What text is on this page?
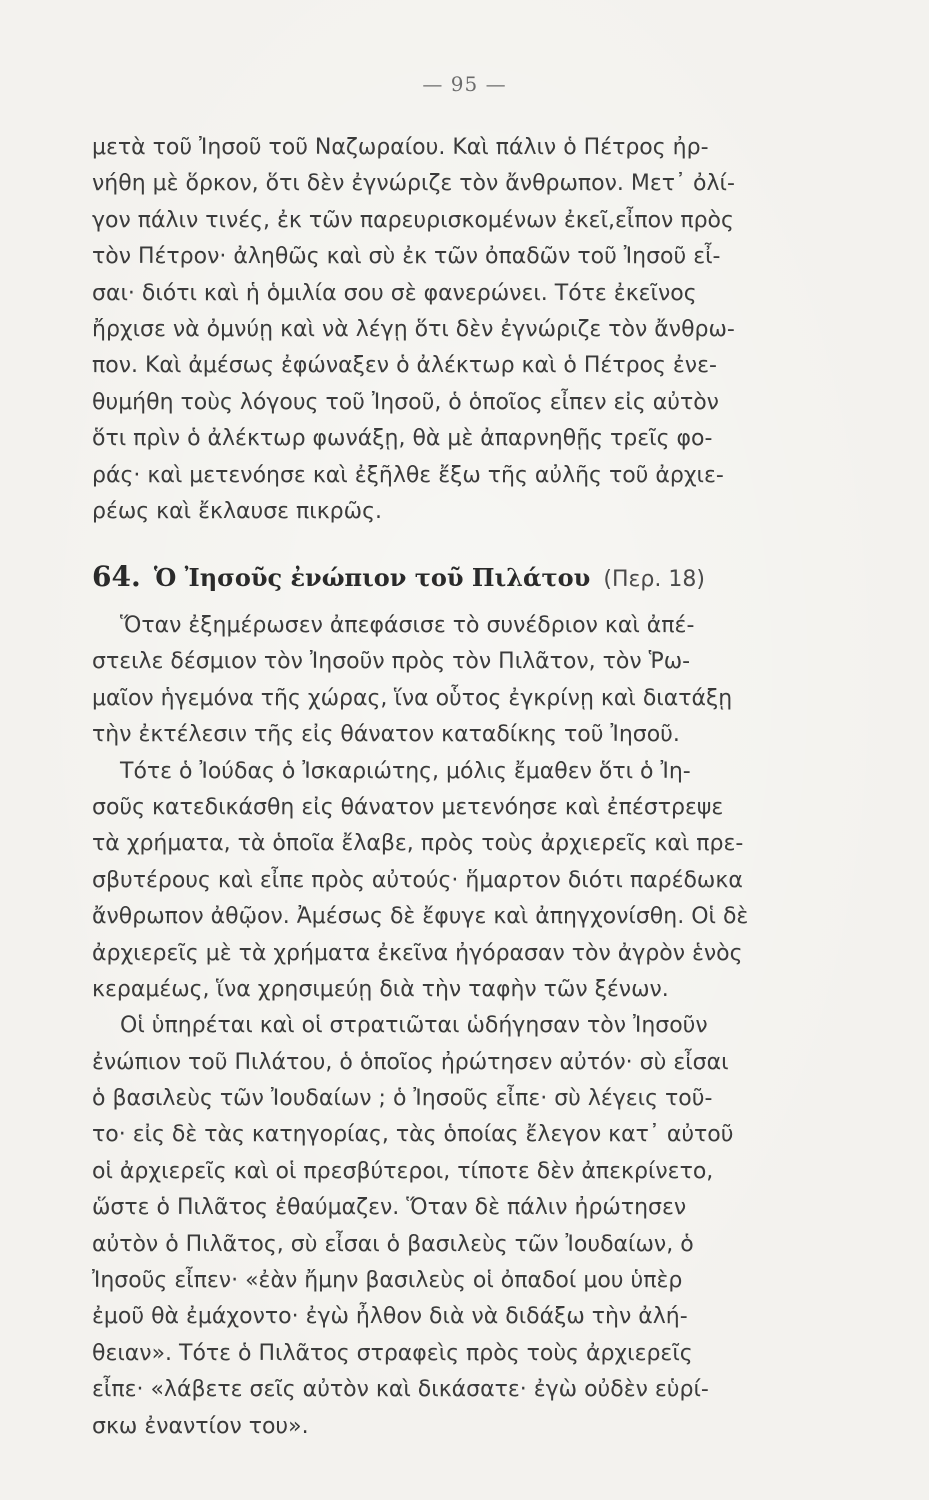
— 95 —
μετὰ τοῦ Ἰησοῦ τοῦ Ναζωραίου. Καὶ πάλιν ὁ Πέτρος ἠρ-
νήθη μὲ ὅρκον, ὅτι δὲν ἐγνώριζε τὸν ἄνθρωπον. Μετ᾿ ὀλί-
γον πάλιν τινές, ἐκ τῶν παρευρισκομένων ἐκεῖ,εἶπον πρὸς
τὸν Πέτρον· ἀληθῶς καὶ σὺ ἐκ τῶν ὀπαδῶν τοῦ Ἰησοῦ εἶ-
σαι· διότι καὶ ἡ ὁμιλία σου σὲ φανερώνει. Τότε ἐκεῖνος
ἤρχισε νὰ ὀμνύῃ καὶ νὰ λέγῃ ὅτι δὲν ἐγνώριζε τὸν ἄνθρω-
πον. Καὶ ἀμέσως ἐφώναξεν ὁ ἀλέκτωρ καὶ ὁ Πέτρος ἐνε-
θυμήθη τοὺς λόγους τοῦ Ἰησοῦ, ὁ ὁποῖος εἶπεν εἰς αὐτὸν
ὅτι πρὶν ὁ ἀλέκτωρ φωνάξῃ, θὰ μὲ ἀπαρνηθῇς τρεῖς φο-
ράς· καὶ μετενόησε καὶ ἐξῆλθε ἔξω τῆς αὐλῆς τοῦ ἀρχιε-
ρέως καὶ ἔκλαυσε πικρῶς.
64. Ὁ Ἰησοῦς ἐνώπιον τοῦ Πιλάτου (Περ. 18)
Ὅταν ἐξημέρωσεν ἀπεφάσισε τὸ συνέδριον καὶ ἀπέ-
στειλε δέσμιον τὸν Ἰησοῦν πρὸς τὸν Πιλᾶτον, τὸν Ῥω-
μαῖον ἡγεμόνα τῆς χώρας, ἵνα οὗτος ἐγκρίνῃ καὶ διατάξῃ
τὴν ἐκτέλεσιν τῆς εἰς θάνατον καταδίκης τοῦ Ἰησοῦ.
Τότε ὁ Ἰούδας ὁ Ἰσκαριώτης, μόλις ἔμαθεν ὅτι ὁ Ἰη-
σοῦς κατεδικάσθη εἰς θάνατον μετενόησε καὶ ἐπέστρεψε
τὰ χρήματα, τὰ ὁποῖα ἔλαβε, πρὸς τοὺς ἀρχιερεῖς καὶ πρε-
σβυτέρους καὶ εἶπε πρὸς αὐτούς· ἥμαρτον διότι παρέδωκα
ἄνθρωπον ἀθῷον. Ἀμέσως δὲ ἔφυγε καὶ ἀπηγχονίσθη. Οἱ δὲ
ἀρχιερεῖς μὲ τὰ χρήματα ἐκεῖνα ἠγόρασαν τὸν ἀγρὸν ἑνὸς
κεραμέως, ἵνα χρησιμεύῃ διὰ τὴν ταφὴν τῶν ξένων.
Οἱ ὑπηρέται καὶ οἱ στρατιῶται ὡδήγησαν τὸν Ἰησοῦν
ἐνώπιον τοῦ Πιλάτου, ὁ ὁποῖος ἠρώτησεν αὐτόν· σὺ εἶσαι
ὁ βασιλεὺς τῶν Ἰουδαίων ; ὁ Ἰησοῦς εἶπε· σὺ λέγεις τοῦ-
το· εἰς δὲ τὰς κατηγορίας, τὰς ὁποίας ἔλεγον κατ᾿ αὐτοῦ
οἱ ἀρχιερεῖς καὶ οἱ πρεσβύτεροι, τίποτε δὲν ἀπεκρίνετο,
ὥστε ὁ Πιλᾶτος ἐθαύμαζεν. Ὅταν δὲ πάλιν ἠρώτησεν
αὐτὸν ὁ Πιλᾶτος, σὺ εἶσαι ὁ βασιλεὺς τῶν Ἰουδαίων, ὁ
Ἰησοῦς εἶπεν· «ἐὰν ἤμην βασιλεὺς οἱ ὀπαδοί μου ὑπὲρ
ἐμοῦ θὰ ἐμάχοντο· ἐγὼ ἦλθον διὰ νὰ διδάξω τὴν ἀλή-
θειαν». Τότε ὁ Πιλᾶτος στραφεὶς πρὸς τοὺς ἀρχιερεῖς
εἶπε· «λάβετε σεῖς αὐτὸν καὶ δικάσατε· ἐγὼ οὐδὲν εὑρί-
σκω ἐναντίον του».
